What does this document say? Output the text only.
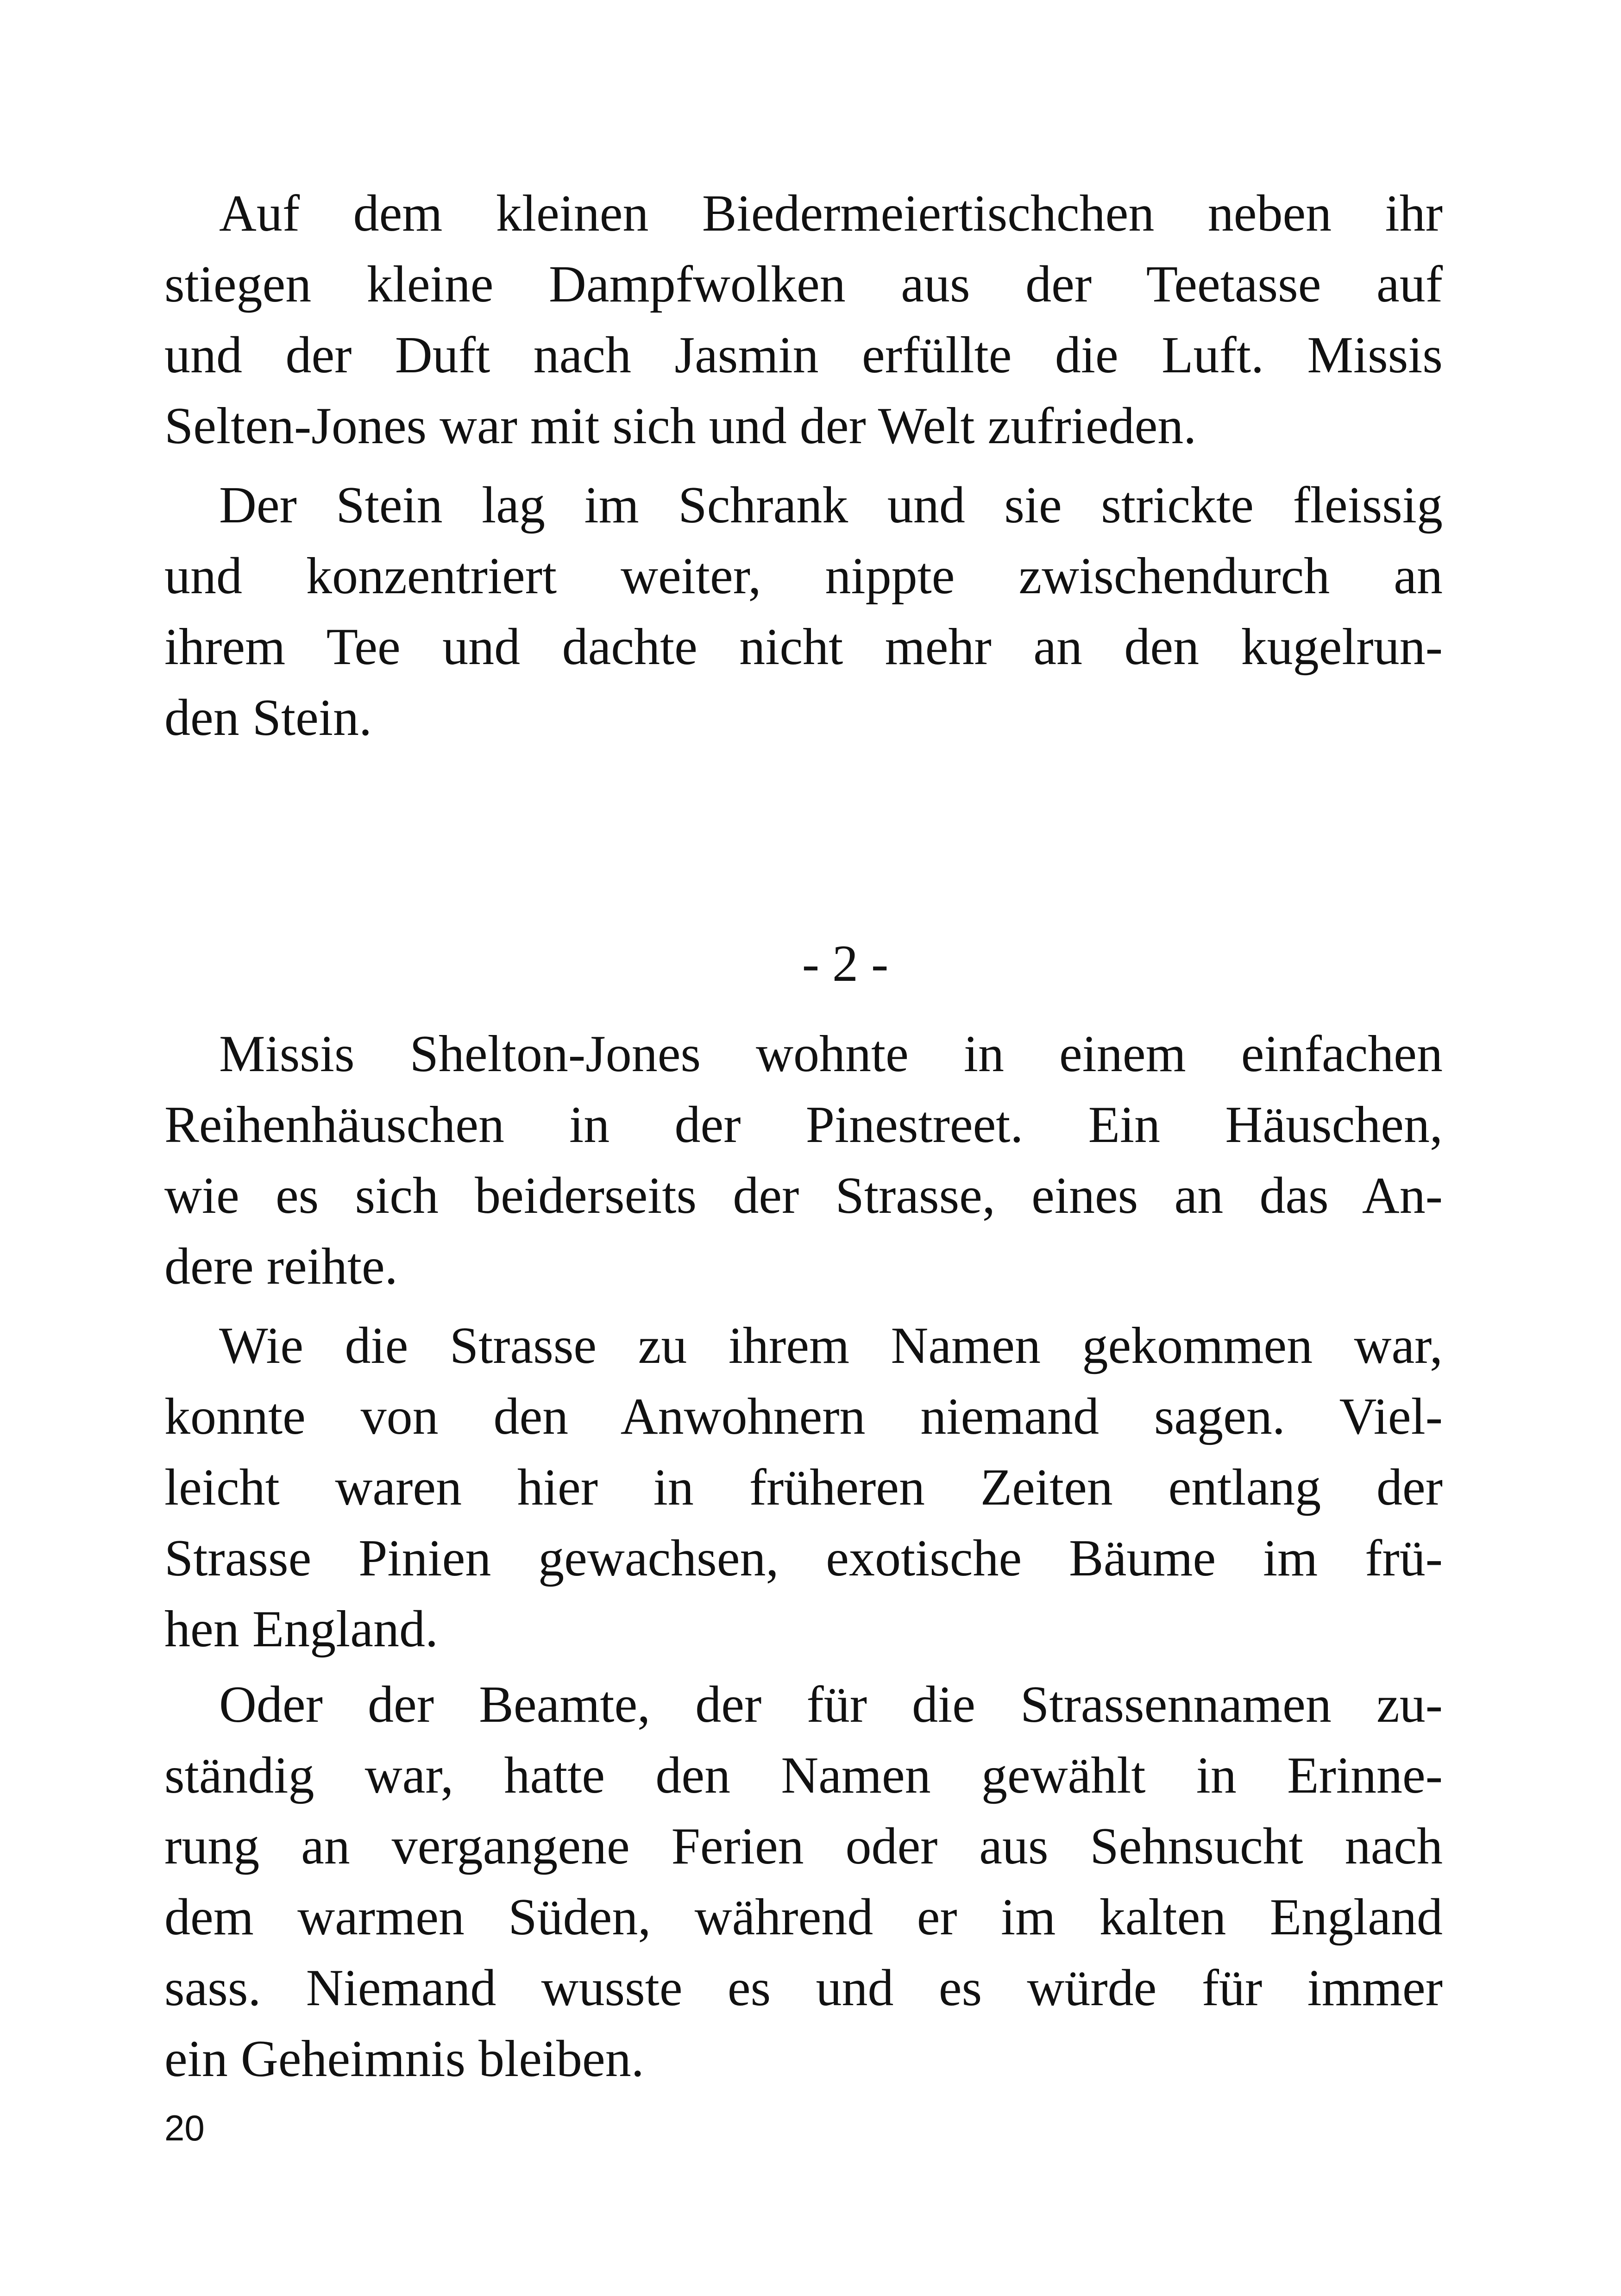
Auf dem kleinen Biedermeiertischchen neben ihr
stiegen kleine Dampfwolken aus der Teetasse auf
und der Duft nach Jasmin erfüllte die Luft. Missis
Selten-Jones war mit sich und der Welt zufrieden.
Der Stein lag im Schrank und sie strickte fleissig
und konzentriert weiter, nippte zwischendurch an
ihrem Tee und dachte nicht mehr an den kugelrun-
den Stein.
- 2 -
Missis Shelton-Jones wohnte in einem einfachen
Reihenhäuschen in der Pinestreet. Ein Häuschen,
wie es sich beiderseits der Strasse, eines an das An-
dere reihte.
Wie die Strasse zu ihrem Namen gekommen war,
konnte von den Anwohnern niemand sagen. Viel-
leicht waren hier in früheren Zeiten entlang der
Strasse Pinien gewachsen, exotische Bäume im frü-
hen England.
Oder der Beamte, der für die Strassennamen zu-
ständig war, hatte den Namen gewählt in Erinne-
rung an vergangene Ferien oder aus Sehnsucht nach
dem warmen Süden, während er im kalten England
sass. Niemand wusste es und es würde für immer
ein Geheimnis bleiben.
20
